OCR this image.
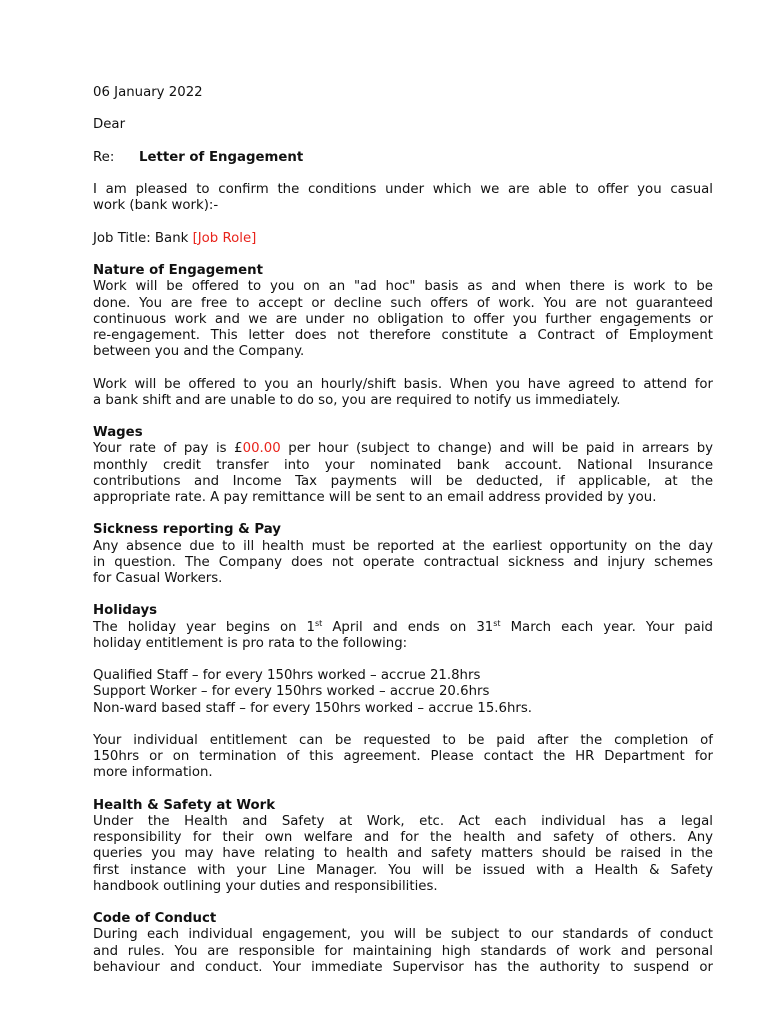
06 January 2022
Dear
Re: Letter of Engagement
I am pleased to confirm the conditions under which we are able to offer you casual
work (bank work):-
Job Title: Bank [Job Role]
Nature of Engagement
Work will be offered to you on an "ad hoc" basis as and when there is work to be
done. You are free to accept or decline such offers of work. You are not guaranteed
continuous work and we are under no obligation to offer you further engagements or
re-engagement. This letter does not therefore constitute a Contract of Employment
between you and the Company.
Work will be offered to you an hourly/shift basis. When you have agreed to attend for
a bank shift and are unable to do so, you are required to notify us immediately.
Wages
Your rate of pay is £00.00 per hour (subject to change) and will be paid in arrears by
monthly credit transfer into your nominated bank account. National Insurance
contributions and Income Tax payments will be deducted, if applicable, at the
appropriate rate. A pay remittance will be sent to an email address provided by you.
Sickness reporting & Pay
Any absence due to ill health must be reported at the earliest opportunity on the day
in question. The Company does not operate contractual sickness and injury schemes
for Casual Workers.
Holidays
The holiday year begins on 1st April and ends on 31st March each year. Your paid
holiday entitlement is pro rata to the following:
Qualified Staff – for every 150hrs worked – accrue 21.8hrs
Support Worker – for every 150hrs worked – accrue 20.6hrs
Non-ward based staff – for every 150hrs worked – accrue 15.6hrs.
Your individual entitlement can be requested to be paid after the completion of
150hrs or on termination of this agreement. Please contact the HR Department for
more information.
Health & Safety at Work
Under the Health and Safety at Work, etc. Act each individual has a legal
responsibility for their own welfare and for the health and safety of others. Any
queries you may have relating to health and safety matters should be raised in the
first instance with your Line Manager. You will be issued with a Health & Safety
handbook outlining your duties and responsibilities.
Code of Conduct
During each individual engagement, you will be subject to our standards of conduct
and rules. You are responsible for maintaining high standards of work and personal
behaviour and conduct. Your immediate Supervisor has the authority to suspend or
